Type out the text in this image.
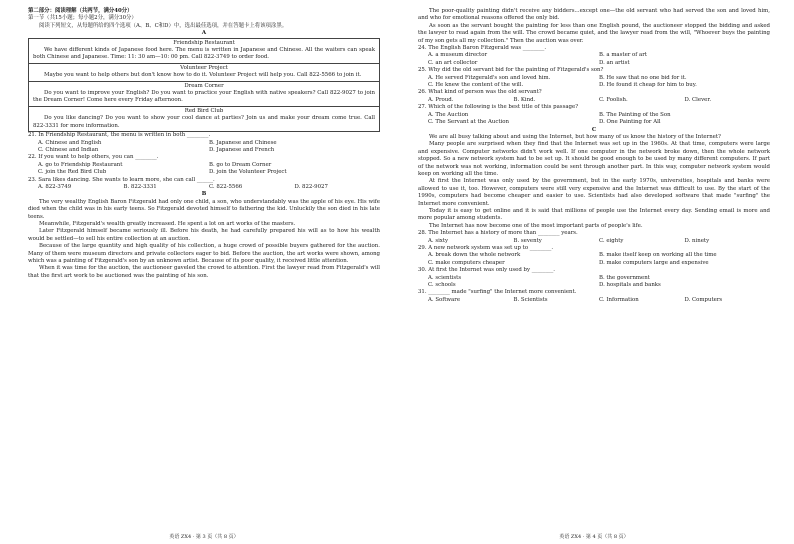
第二部分：阅读理解（共两节，满分40分）

第一节（共15小题；每小题2分，满分30分）

阅读下列短文，从每题所给的四个选项（A、B、C和D）中，选出最佳选项，并在答题卡上将该项涂黑。

A

Friendship Restaurant

We have different kinds of Japanese food here. The menu is written in Japanese and Chinese. All the waiters can speak both Chinese and Japanese. Time: 11: 30 am—10: 00 pm. Call 822-3749 to order food.

Volunteer Project

Maybe you want to help others but don't know how to do it. Volunteer Project will help you. Call 822-5566 to join it.

Dream Corner

Do you want to improve your English? Do you want to practice your English with native speakers? Call 822-9027 to join the Dream Corner! Come here every Friday afternoon.

Red Bird Club

Do you like dancing? Do you want to show your cool dance at parties? Join us and make your dream come true. Call 822-3331 for more information.

21. In Friendship Restaurant, the menu is written in both ________.

A. Chinese and English	B. Japanese and Chinese
C. Chinese and Indian	D. Japanese and French

22. If you want to help others, you can ________.

A. go to Friendship Restaurant	B. go to Dream Corner
C. join the Red Bird Club	D. join the Volunteer Project

23. Sara likes dancing. She wants to learn more, she can call ______.

A. 822-3749	B. 822-3331	C. 822-5566	D. 822-9027

B

The very wealthy English Baron Fitzgerald had only one child, a son, who understandably was the apple of his eye. His wife died when the child was in his early teens. So Fitzgerald devoted himself to fathering the kid. Unluckily the son died in his late teens.

Meanwhile, Fitzgerald's wealth greatly increased. He spent a lot on art works of the masters.

Later Fitzgerald himself became seriously ill. Before his death, he had carefully prepared his will as to how his wealth would be settled—to sell his entire collection at an auction.

Because of the large quantity and high quality of his collection, a huge crowd of possible buyers gathered for the auction. Many of them were museum directors and private collectors eager to bid. Before the auction, the art works were shown, among which was a painting of Fitzgerald's son by an unknown artist. Because of its poor quality, it received little attention.

When it was time for the auction, the auctioneer gaveled the crowd to attention. First the lawyer read from Fitzgerald's will that the first art work to be auctioned was the painting of his son.

英语 ZX4 · 第 3 页（共 8 页）

The poor-quality painting didn't receive any bidders...except one—the old servant who had served the son and loved him, and who for emotional reasons offered the only bid.

As soon as the servant bought the painting for less than one English pound, the auctioneer stopped the bidding and asked the lawyer to read again from the will. The crowd became quiet, and the lawyer read from the will, "Whoever buys the painting of my son gets all my collection." Then the auction was over.

24. The English Baron Fitzgerald was ________.

A. a museum director	B. a master of art
C. an art collector	D. an artist

25. Why did the old servant bid for the painting of Fitzgerald's son?

A. He served Fitzgerald's son and loved him.	B. He saw that no one bid for it.
C. He knew the content of the will.	D. He found it cheap for him to buy.

26. What kind of person was the old servant?

A. Proud.	B. Kind.	C. Foolish.	D. Clever.

27. Which of the following is the best title of this passage?

A. The Auction	B. The Painting of the Son
C. The Servant at the Auction	D. One Painting for All

C

We are all busy talking about and using the Internet, but how many of us know the history of the Internet?

Many people are surprised when they find that the Internet was set up in the 1960s. At that time, computers were large and expensive. Computer networks didn't work well. If one computer in the network broke down, then the whole network stopped. So a new network system had to be set up. It should be good enough to be used by many different computers. If part of the network was not working, information could be sent through another part. In this way, computer network system would keep on working all the time.

At first the Internet was only used by the government, but in the early 1970s, universities, hospitals and banks were allowed to use it, too. However, computers were still very expensive and the Internet was difficult to use. By the start of the 1990s, computers had become cheaper and easier to use. Scientists had also developed software that made "surfing" the Internet more convenient.

Today it is easy to get online and it is said that millions of people use the Internet every day. Sending email is more and more popular among students.

The Internet has now become one of the most important parts of people's life.

28. The Internet has a history of more than ________ years.

A. sixty	B. seventy	C. eighty	D. ninety

29. A new network system was set up to ________.

A. break down the whole network	B. make itself keep on working all the time
C. make computers cheaper	D. make computers large and expensive

30. At first the Internet was only used by ________.

A. scientists	B. the government
C. schools	D. hospitals and banks

31. ________ made "surfing" the Internet more convenient.

A. Software	B. Scientists	C. Information	D. Computers
英语 ZX4 · 第 4 页（共 8 页）
